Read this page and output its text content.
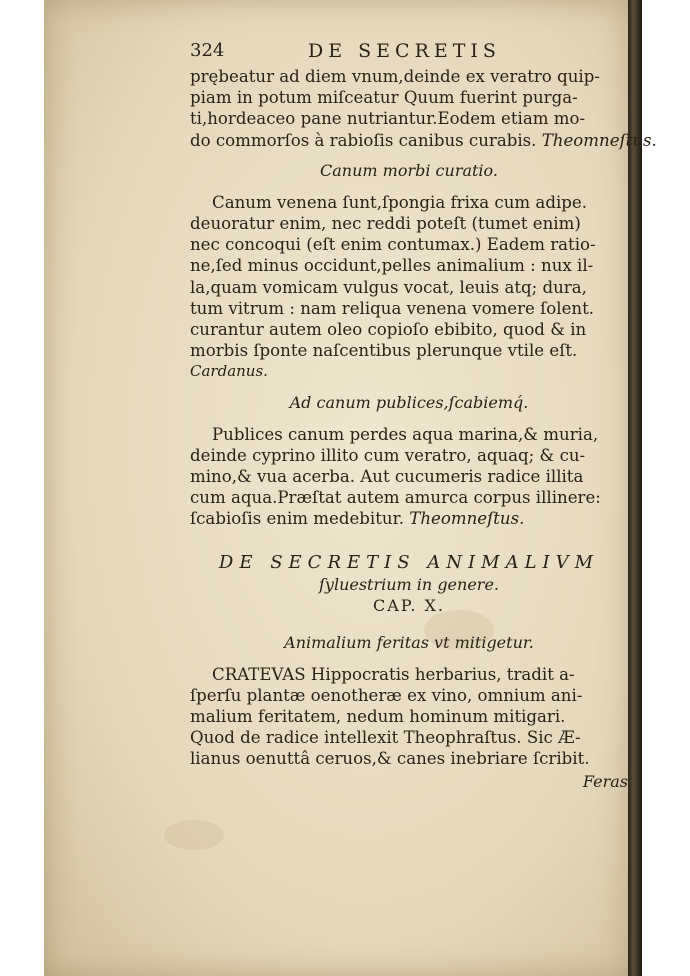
324	DE SECRETIS

prębeatur ad diem vnum,deinde ex veratro quip-
piam in potum miſceatur Quum fuerint purga-
ti,hordeaceo pane nutriantur.Eodem etiam mo-
do commorſos à rabioſis canibus curabis. Theomneſtus.

Canum morbi curatio.

Canum venena ſunt,ſpongia frixa cum adipe.
deuoratur enim, nec reddi poteſt (tumet enim)
nec concoqui (eſt enim contumax.) Eadem ratio-
ne,ſed minus occidunt,pelles animalium : nux il-
la,quam vomicam vulgus vocat, leuis atq; dura,
tum vitrum : nam reliqua venena vomere ſolent.
curantur autem oleo copioſo ebibito, quod & in
morbis ſponte naſcentibus plerunque vtile eſt.
Cardanus.

Ad canum publices,ſcabiemq́.

Publices canum perdes aqua marina,& muria,
deinde cyprino illito cum veratro, aquaq; & cu-
mino,& vua acerba. Aut cucumeris radice illita
cum aqua.Præſtat autem amurca corpus illinere:
ſcabioſis enim medebitur. Theomneſtus.

DE SECRETIS ANIMALIVM
ſyluestrium in genere.
CAP. X.
Animalium feritas vt mitigetur.

CRATEVAS Hippocratis herbarius, tradit a-
ſperſu plantæ oenotheræ ex vino, omnium ani-
malium feritatem, nedum hominum mitigari.
Quod de radice intellexit Theophraſtus. Sic Æ-
lianus oenuttâ ceruos,& canes inebriare ſcribit.

Feras
